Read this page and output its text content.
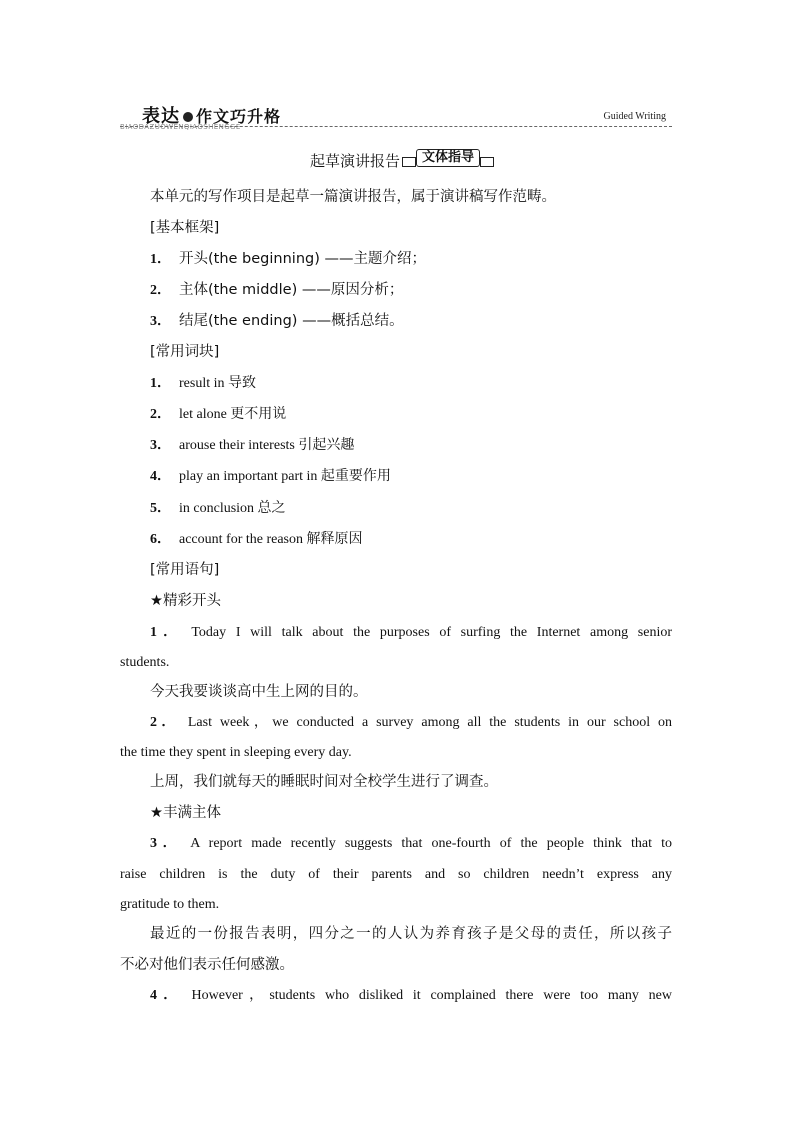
表达 作文巧升格
BIAODAZUOWENQIAOSHENGGE
Guided Writing
起草演讲报告	文体指导
本单元的写作项目是起草一篇演讲报告，属于演讲稿写作范畴。
[基本框架]
1． 开头(the beginning) ——主题介绍；
2． 主体(the middle) ——原因分析；
3． 结尾(the ending) ——概括总结。
[常用词块]
1． result in 导致
2． let alone 更不用说
3． arouse their interests 引起兴趣
4． play an important part in 起重要作用
5． in conclusion 总之
6． account for the reason 解释原因
[常用语句]
★精彩开头
1． Today I will talk about the purposes of surfing the Internet among senior
students.
今天我要谈谈高中生上网的目的。
2． Last week，we conducted a survey among all the students in our school on
the time they spent in sleeping every day.
上周，我们就每天的睡眠时间对全校学生进行了调查。
★丰满主体
3． A report made recently suggests that one-fourth of the people think that to
raise children is the duty of their parents and so children needn’t express any
gratitude to them.
最近的一份报告表明，四分之一的人认为养育孩子是父母的责任，所以孩子
不必对他们表示任何感激。
4． However，students who disliked it complained there were too many new
